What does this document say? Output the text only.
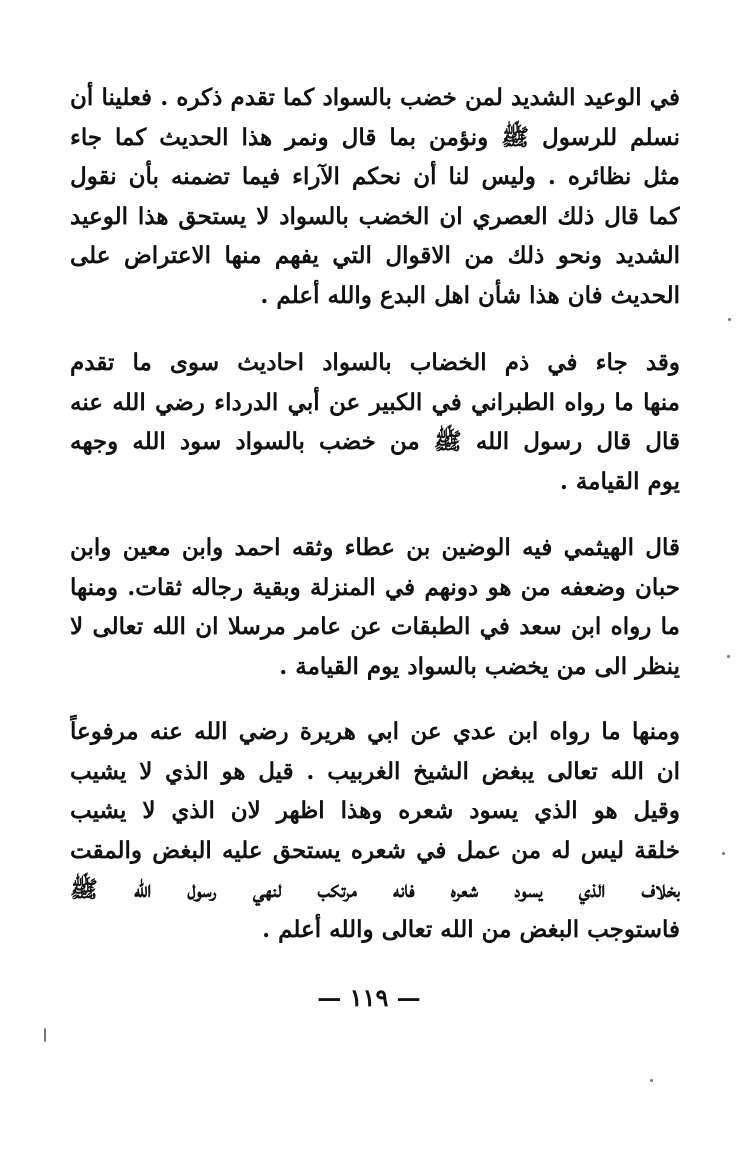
في الوعيد الشديد لمن خضب بالسواد كما تقدم ذكره . فعلينا أن
نسلم للرسول ﷺ ونؤمن بما قال ونمر هذا الحديث كما جاء
مثل نظائره . وليس لنا أن نحكم الآراء فيما تضمنه بأن نقول
كما قال ذلك العصري ان الخضب بالسواد لا يستحق هذا الوعيد
الشديد ونحو ذلك من الاقوال التي يفهم منها الاعتراض على
الحديث فان هذا شأن اهل البدع والله أعلم .

وقد جاء في ذم الخضاب بالسواد احاديث سوى ما تقدم
منها ما رواه الطبراني في الكبير عن أبي الدرداء رضي الله عنه
قال قال رسول الله ﷺ من خضب بالسواد سود الله وجهه
يوم القيامة .

قال الهيثمي فيه الوضين بن عطاء وثقه احمد وابن معين وابن
حبان وضعفه من هو دونهم في المنزلة وبقية رجاله ثقات. ومنها
ما رواه ابن سعد في الطبقات عن عامر مرسلا ان الله تعالى لا
ينظر الى من يخضب بالسواد يوم القيامة .

ومنها ما رواه ابن عدي عن ابي هريرة رضي الله عنه مرفوعاً
ان الله تعالى يبغض الشيخ الغربيب . قيل هو الذي لا يشيب
وقيل هو الذي يسود شعره وهذا اظهر لان الذي لا يشيب
خلقة ليس له من عمل في شعره يستحق عليه البغض والمقت
بخلاف الذي يسود شعره فانه مرتكب لنهي رسول الله ﷺ
فاستوجب البغض من الله تعالى والله أعلم .

— ١١٩ —
